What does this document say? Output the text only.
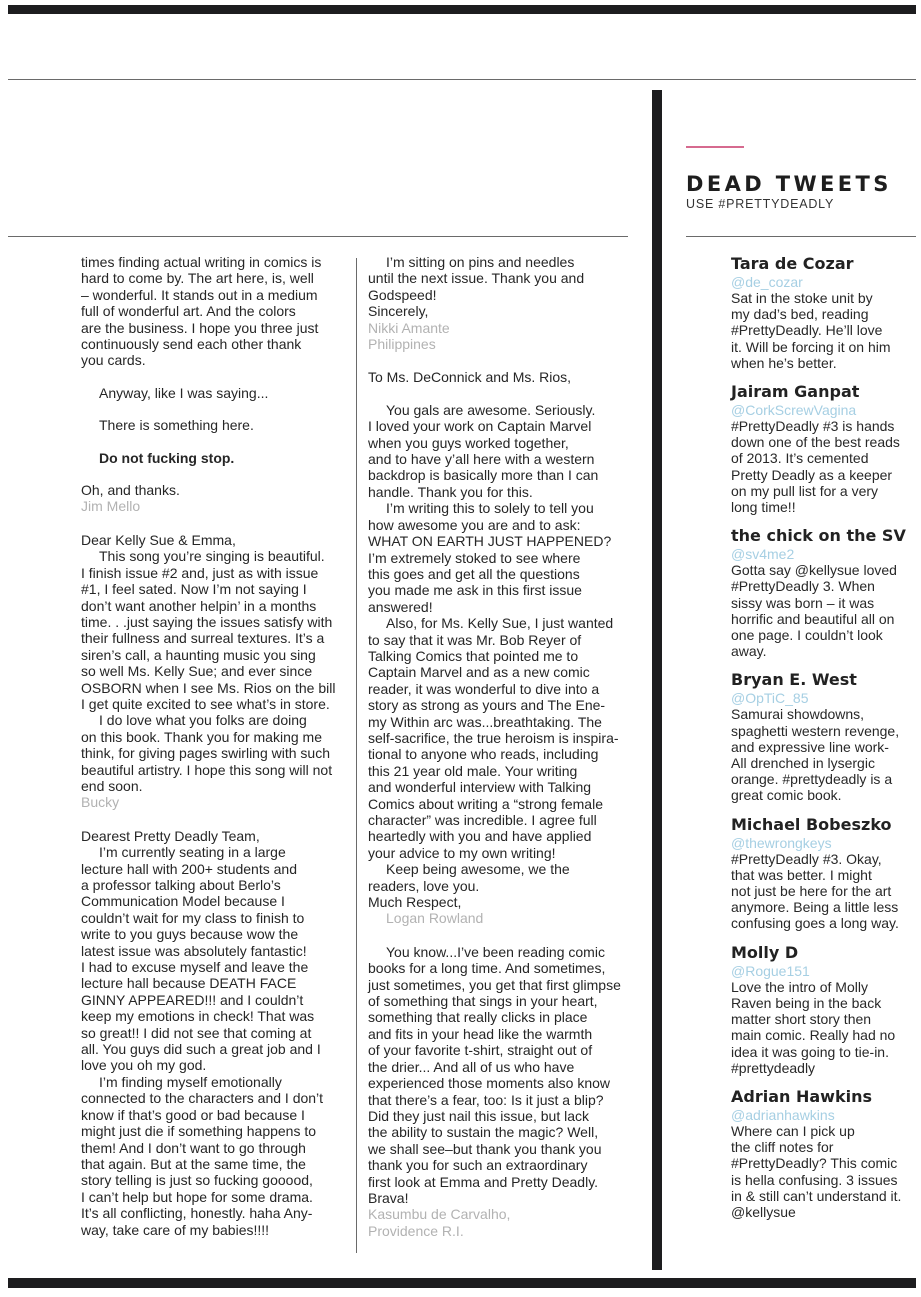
times finding actual writing in comics is
hard to come by. The art here, is, well
– wonderful. It stands out in a medium
full of wonderful art. And the colors
are the business. I hope you three just
continuously send each other thank
you cards.

Anyway, like I was saying...

There is something here.

Do not fucking stop.

Oh, and thanks.

Jim Mello

Dear Kelly Sue & Emma,

This song you’re singing is beautiful.
I finish issue #2 and, just as with issue
#1, I feel sated. Now I’m not saying I
don’t want another helpin’ in a months
time. . .just saying the issues satisfy with
their fullness and surreal textures. It’s a
siren’s call, a haunting music you sing
so well Ms. Kelly Sue; and ever since
OSBORN when I see Ms. Rios on the bill
I get quite excited to see what’s in store.

I do love what you folks are doing
on this book. Thank you for making me
think, for giving pages swirling with such
beautiful artistry. I hope this song will not
end soon.

Bucky

Dearest Pretty Deadly Team,

I’m currently seating in a large
lecture hall with 200+ students and
a professor talking about Berlo’s
Communication Model because I
couldn’t wait for my class to finish to
write to you guys because wow the
latest issue was absolutely fantastic!
I had to excuse myself and leave the
lecture hall because DEATH FACE
GINNY APPEARED!!! and I couldn’t
keep my emotions in check! That was
so great!! I did not see that coming at
all. You guys did such a great job and I
love you oh my god.

I’m finding myself emotionally
connected to the characters and I don’t
know if that’s good or bad because I
might just die if something happens to
them! And I don’t want to go through
that again. But at the same time, the
story telling is just so fucking gooood,
I can’t help but hope for some drama.
It’s all conflicting, honestly. haha Any-
way, take care of my babies!!!!

I’m sitting on pins and needles
until the next issue. Thank you and
Godspeed!

Sincerely,

Nikki Amante
Philippines

To Ms. DeConnick and Ms. Rios,

You gals are awesome. Seriously.
I loved your work on Captain Marvel
when you guys worked together,
and to have y’all here with a western
backdrop is basically more than I can
handle. Thank you for this.

I’m writing this to solely to tell you
how awesome you are and to ask:
WHAT ON EARTH JUST HAPPENED?
I’m extremely stoked to see where
this goes and get all the questions
you made me ask in this first issue
answered!

Also, for Ms. Kelly Sue, I just wanted
to say that it was Mr. Bob Reyer of
Talking Comics that pointed me to
Captain Marvel and as a new comic
reader, it was wonderful to dive into a
story as strong as yours and The Ene-
my Within arc was...breathtaking. The
self-sacrifice, the true heroism is inspira-
tional to anyone who reads, including
this 21 year old male. Your writing
and wonderful interview with Talking
Comics about writing a “strong female
character” was incredible. I agree full
heartedly with you and have applied
your advice to my own writing!

Keep being awesome, we the
readers, love you.

Much Respect,

Logan Rowland

You know...I’ve been reading comic
books for a long time. And sometimes,
just sometimes, you get that first glimpse
of something that sings in your heart,
something that really clicks in place
and fits in your head like the warmth
of your favorite t-shirt, straight out of
the drier... And all of us who have
experienced those moments also know
that there’s a fear, too: Is it just a blip?
Did they just nail this issue, but lack
the ability to sustain the magic? Well,
we shall see–but thank you thank you
thank you for such an extraordinary
first look at Emma and Pretty Deadly.
Brava!

Kasumbu de Carvalho,
Providence R.I.

DEAD TWEETS
USE #PRETTYDEADLY
Tara de Cozar
@de_cozar
Sat in the stoke unit by
my dad’s bed, reading
#PrettyDeadly. He’ll love
it. Will be forcing it on him
when he’s better.
Jairam Ganpat
@CorkScrewVagina
#PrettyDeadly #3 is hands
down one of the best reads
of 2013. It’s cemented
Pretty Deadly as a keeper
on my pull list for a very
long time!!
the chick on the SV
@sv4me2
Gotta say @kellysue loved
#PrettyDeadly 3. When
sissy was born – it was
horrific and beautiful all on
one page. I couldn’t look
away.
Bryan E. West
@OpTiC_85
Samurai showdowns,
spaghetti western revenge,
and expressive line work-
All drenched in lysergic
orange. #prettydeadly is a
great comic book.
Michael Bobeszko
@thewrongkeys
#PrettyDeadly #3. Okay,
that was better. I might
not just be here for the art
anymore. Being a little less
confusing goes a long way.
Molly D
@Rogue151
Love the intro of Molly
Raven being in the back
matter short story then
main comic. Really had no
idea it was going to tie-in.
#prettydeadly
Adrian Hawkins
@adrianhawkins
Where can I pick up
the cliff notes for
#PrettyDeadly? This comic
is hella confusing. 3 issues
in & still can’t understand it.
@kellysue
